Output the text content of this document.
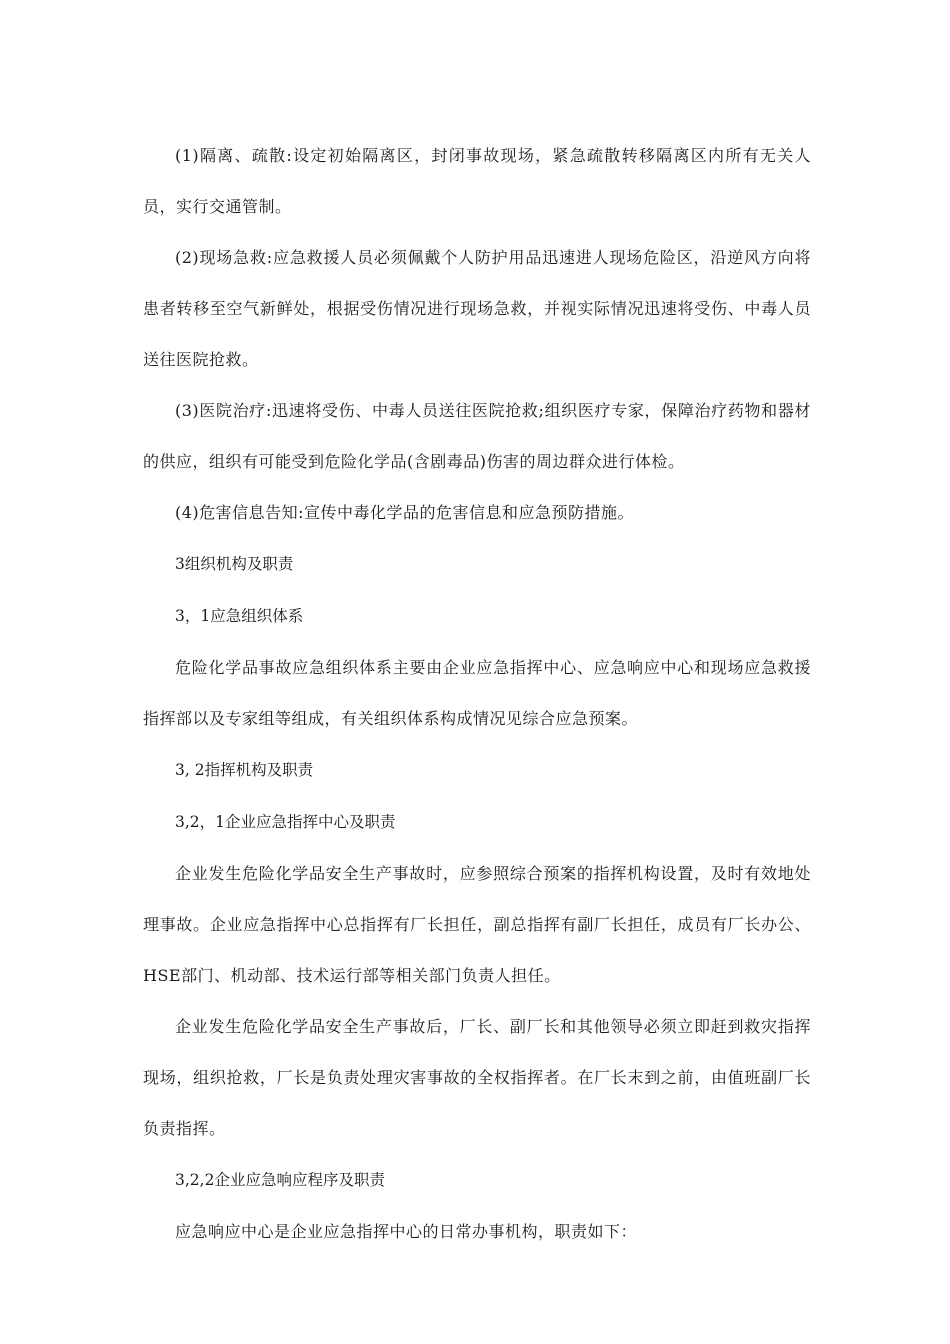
(1)隔离、疏散:设定初始隔离区，封闭事故现场，紧急疏散转移隔离区内所有无关人员，实行交通管制。

(2)现场急救:应急救援人员必须佩戴个人防护用品迅速进人现场危险区，沿逆风方向将患者转移至空气新鲜处，根据受伤情况进行现场急救，并视实际情况迅速将受伤、中毒人员送往医院抢救。

(3)医院治疗:迅速将受伤、中毒人员送往医院抢救;组织医疗专家，保障治疗药物和器材的供应，组织有可能受到危险化学品(含剧毒品)伤害的周边群众进行体检。

(4)危害信息告知:宣传中毒化学品的危害信息和应急预防措施。

3组织机构及职责

3，1应急组织体系

危险化学品事故应急组织体系主要由企业应急指挥中心、应急响应中心和现场应急救援指挥部以及专家组等组成，有关组织体系构成情况见综合应急预案。

3, 2指挥机构及职责

3,2，1企业应急指挥中心及职责

企业发生危险化学品安全生产事故时，应参照综合预案的指挥机构设置，及时有效地处理事故。企业应急指挥中心总指挥有厂长担任，副总指挥有副厂长担任，成员有厂长办公、HSE部门、机动部、技术运行部等相关部门负责人担任。

企业发生危险化学品安全生产事故后，厂长、副厂长和其他领导必须立即赶到救灾指挥现场，组织抢救，厂长是负责处理灾害事故的全权指挥者。在厂长末到之前，由值班副厂长负责指挥。

3,2,2企业应急响应程序及职责

应急响应中心是企业应急指挥中心的日常办事机构，职责如下：
